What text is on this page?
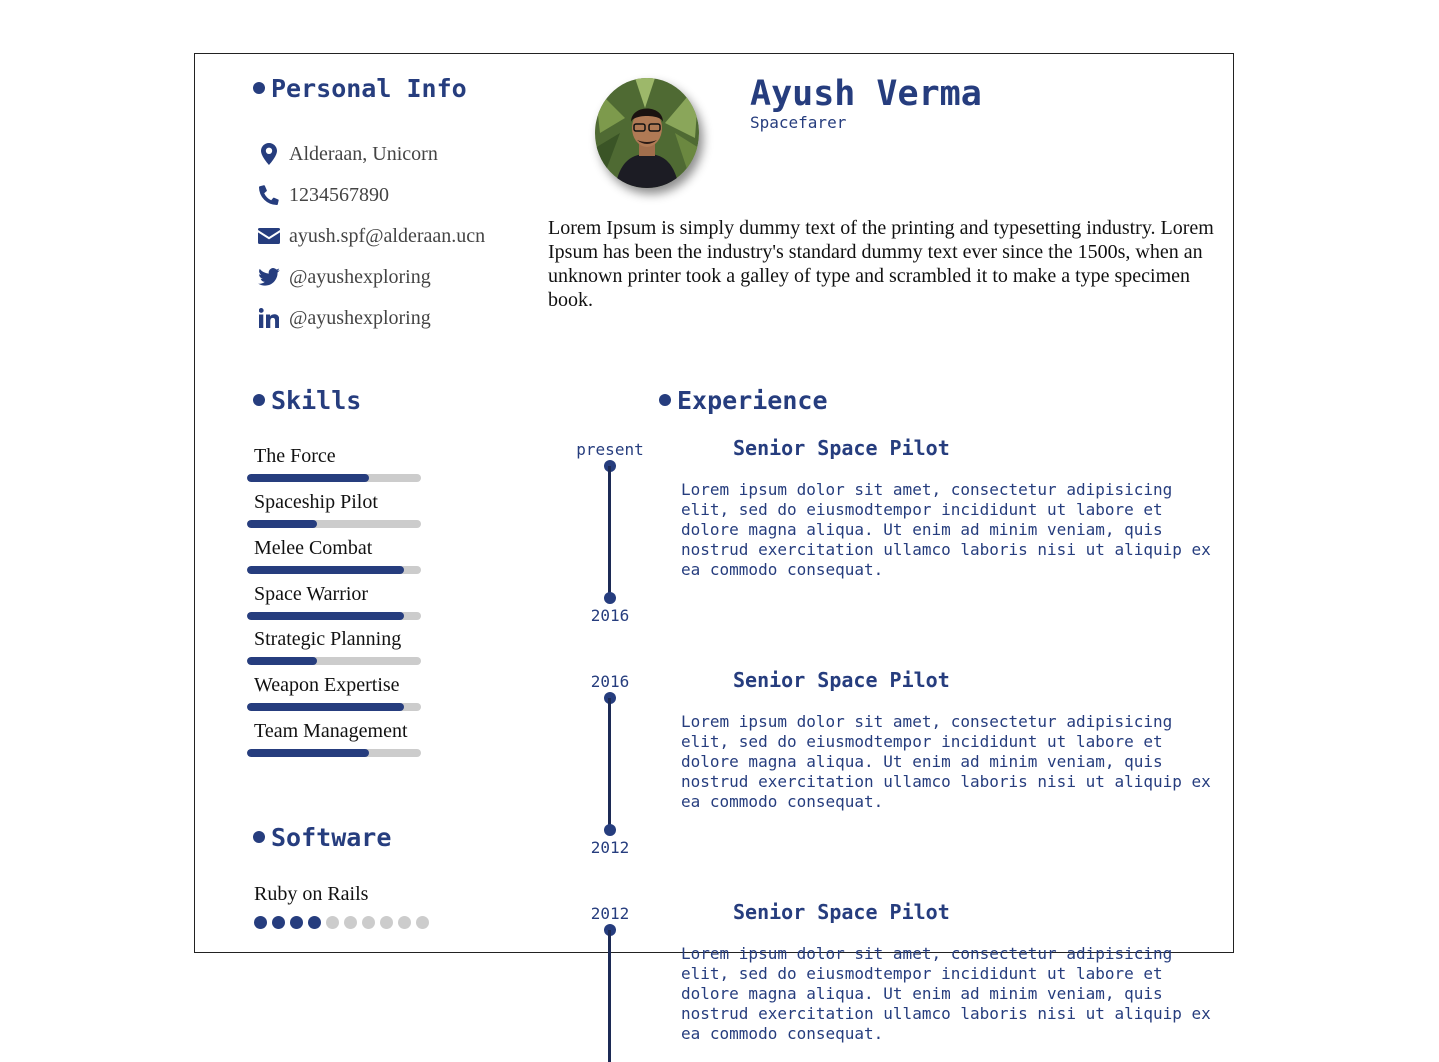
Personal Info
Alderaan, Unicorn
1234567890
ayush.spf@alderaan.ucn
@ayushexploring
@ayushexploring
Ayush Verma
Spacefarer
Lorem Ipsum is simply dummy text of the printing and typesetting industry. Lorem Ipsum has been the industry's standard dummy text ever since the 1500s, when an unknown printer took a galley of type and scrambled it to make a type specimen book.
Skills
The Force
Spaceship Pilot
Melee Combat
Space Warrior
Strategic Planning
Weapon Expertise
Team Management
Software
Ruby on Rails
Experience
present
2016
Senior Space Pilot
Lorem ipsum dolor sit amet, consectetur adipisicing elit, sed do eiusmodtempor incididunt ut labore et dolore magna aliqua. Ut enim ad minim veniam, quis nostrud exercitation ullamco laboris nisi ut aliquip ex ea commodo consequat.
2016
2012
Senior Space Pilot
Lorem ipsum dolor sit amet, consectetur adipisicing elit, sed do eiusmodtempor incididunt ut labore et dolore magna aliqua. Ut enim ad minim veniam, quis nostrud exercitation ullamco laboris nisi ut aliquip ex ea commodo consequat.
2012	Senior Space Pilot
Lorem ipsum dolor sit amet, consectetur adipisicing elit, sed do eiusmodtempor incididunt ut labore et dolore magna aliqua. Ut enim ad minim veniam, quis nostrud exercitation ullamco laboris nisi ut aliquip ex ea commodo consequat.
